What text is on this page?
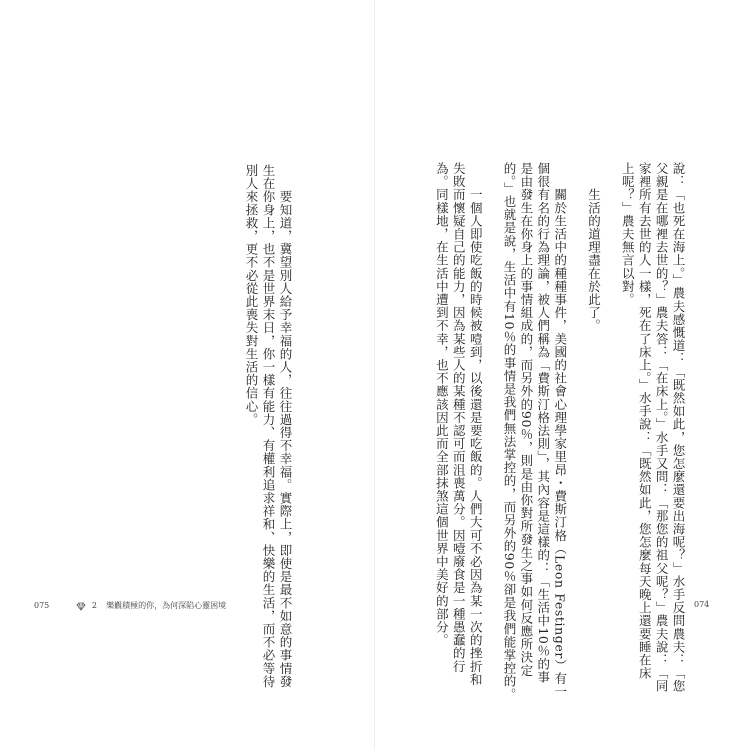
說：「也死在海上。」農夫感慨道：「既然如此，您怎麼還要出海呢？」水手反問農夫：「您
父親是在哪裡去世的？」農夫答：「在床上。」水手又問：「那您的祖父呢？」農夫說：「同
家裡所有去世的人一樣，死在了床上。」水手說：「既然如此，您怎麼每天晚上還要睡在床
上呢？」農夫無言以對。
　　生活的道理盡在於此了。
　　關於生活中的種種事件，美國的社會心理學家里昂・費斯汀格（Leon Festinger）有一
個很有名的行為理論，被人們稱為「費斯汀格法則」，其內容是這樣的：「生活中10％的事
是由發生在你身上的事情組成的，而另外的90％，則是由你對所發生之事如何反應所決定
的。」也就是說，生活中有10％的事情是我們無法掌控的，而另外的90％卻是我們能掌控的。
　　一個人即使吃飯的時候被噎到，以後還是要吃飯的。人們大可不必因為某一次的挫折和
失敗而懷疑自己的能力，因為某些人的某種不認可而沮喪萬分。因噎廢食是一種愚蠢的行
為。同樣地，在生活中遭到不幸，也不應該因此而全部抹煞這個世界中美好的部分。
　　要知道，冀望別人給予幸福的人，往往過得不幸福。實際上，即使是最不如意的事情發
生在你身上，也不是世界末日，你一樣有能力、有權利追求祥和、快樂的生活，而不必等待
別人來拯救，更不必從此喪失對生活的信心。
075	2 樂觀積極的你，為何深陷心靈困境	074
